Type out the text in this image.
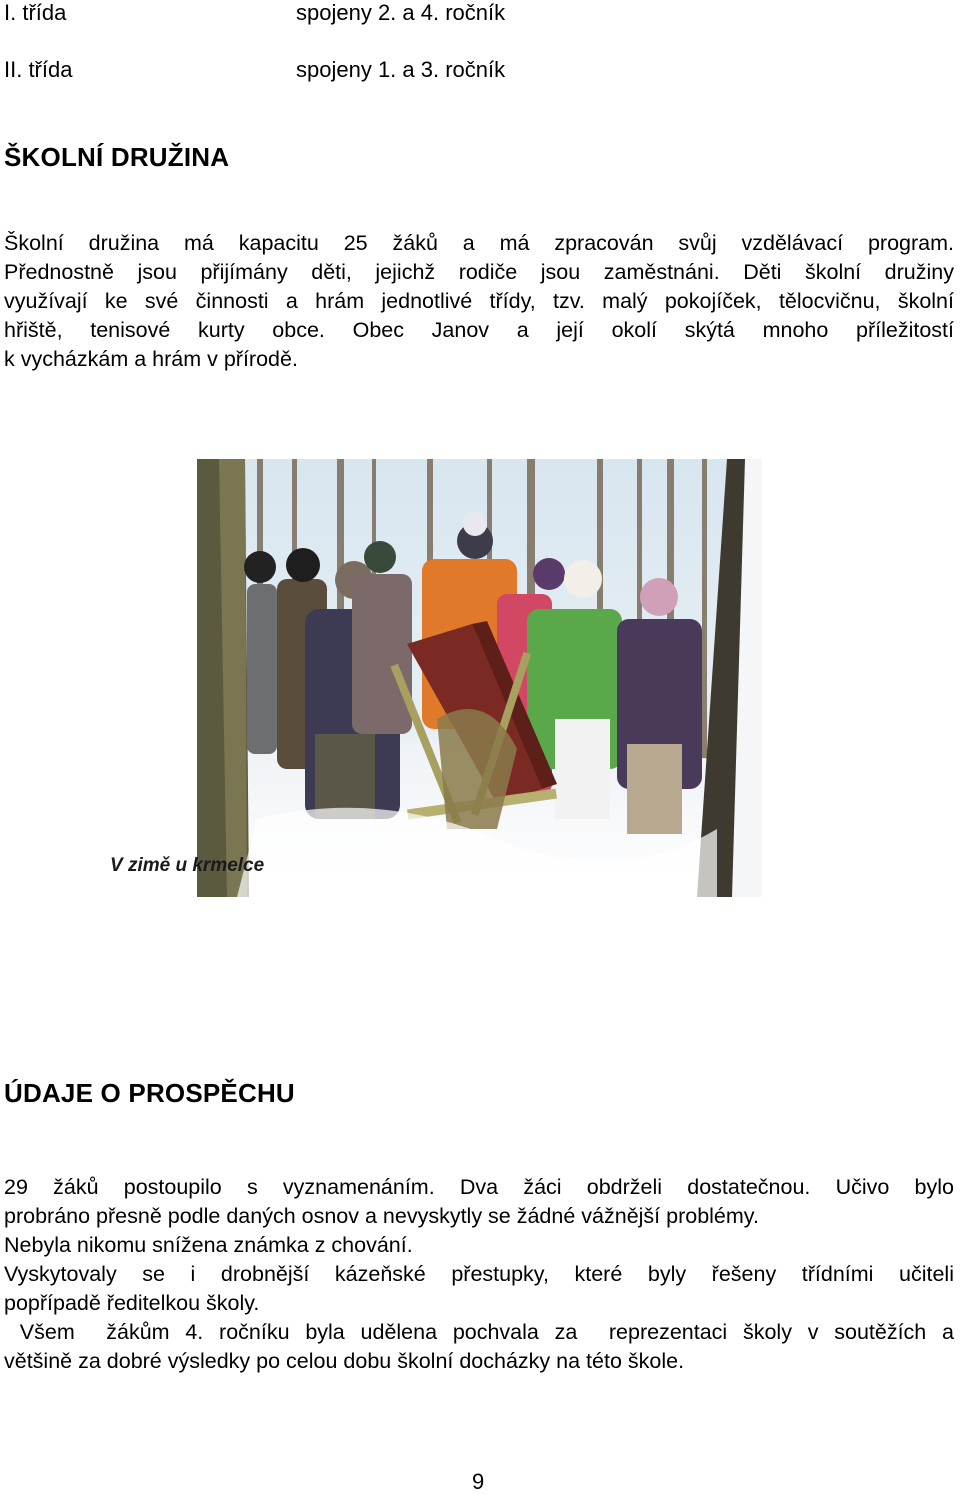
I. třída	spojeny 2. a 4. ročník
II. třída	spojeny 1. a 3. ročník
ŠKOLNÍ DRUŽINA
Školní družina má kapacitu 25 žáků a má zpracován svůj vzdělávací program.
Přednostně jsou přijímány děti, jejichž rodiče jsou zaměstnáni. Děti školní družiny
využívají ke své činnosti a hrám jednotlivé třídy, tzv. malý pokojíček, tělocvičnu, školní
hřiště, tenisové kurty obce. Obec Janov a její okolí skýtá mnoho příležitostí
k vycházkám a hrám v přírodě.
V zimě u krmelce
ÚDAJE O PROSPĚCHU
29 žáků postoupilo s vyznamenáním. Dva žáci obdrželi dostatečnou. Učivo bylo
probráno přesně podle daných osnov a nevyskytly se žádné vážnější problémy.
Nebyla nikomu snížena známka z chování.
Vyskytovaly se i drobnější kázeňské přestupky, které byly řešeny třídními učiteli
popřípadě ředitelkou školy.
Všem  žákům 4. ročníku byla udělena pochvala za  reprezentaci školy v soutěžích a
většině za dobré výsledky po celou dobu školní docházky na této škole.
9
